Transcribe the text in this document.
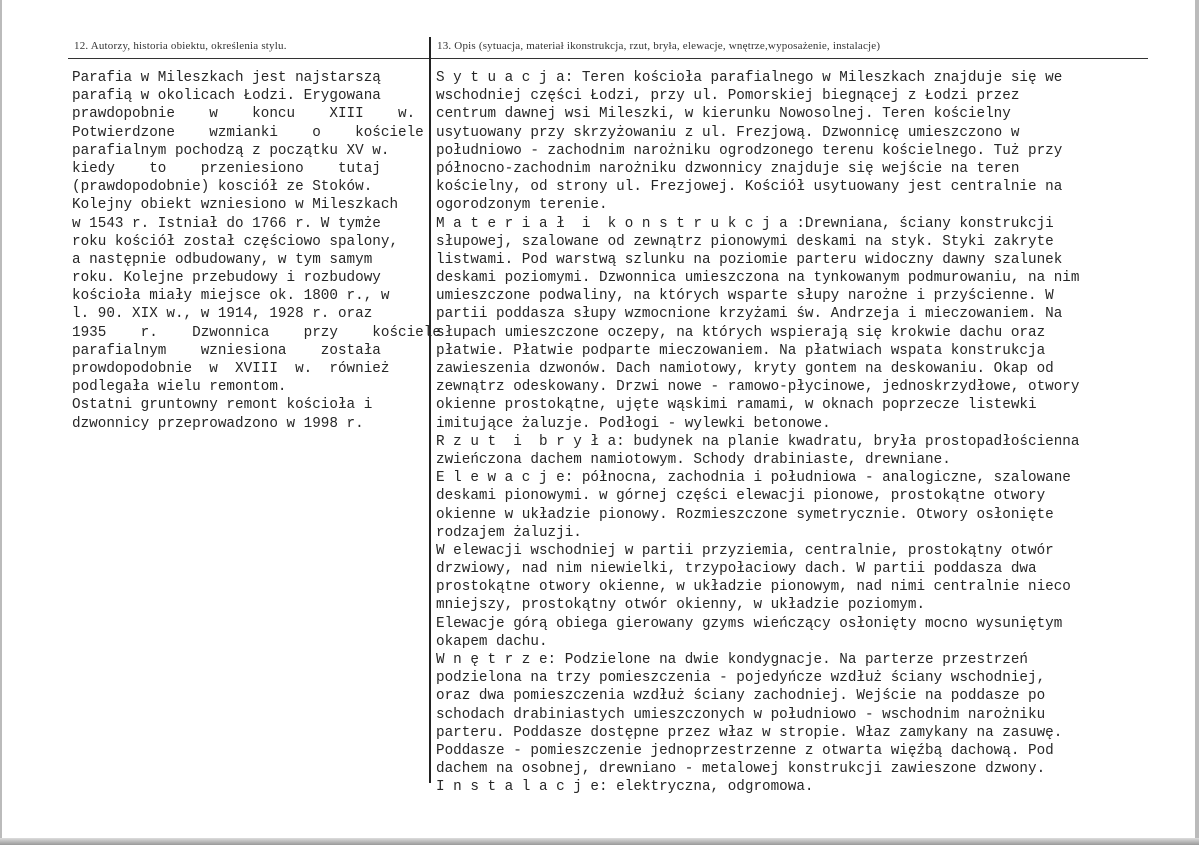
12. Autorzy, historia obiektu, określenia stylu.	13. Opis (sytuacja, materiał ikonstrukcja, rzut, bryła, elewacje, wnętrze,wyposażenie, instalacje)
Parafia w Mileszkach jest najstarszą
parafią w okolicach Łodzi. Erygowana
prawdopobnie    w    koncu    XIII    w.
Potwierdzone    wzmianki    o    kościele
parafialnym pochodzą z początku XV w.
kiedy    to    przeniesiono    tutaj
(prawdopodobnie) kosciół ze Stoków.
Kolejny obiekt wzniesiono w Mileszkach
w 1543 r. Istniał do 1766 r. W tymże
roku kościół został częściowo spalony,
a następnie odbudowany, w tym samym
roku. Kolejne przebudowy i rozbudowy
kościoła miały miejsce ok. 1800 r., w
l. 90. XIX w., w 1914, 1928 r. oraz
1935    r.    Dzwonnica    przy    kościele
parafialnym    wzniesiona    została
prowdopodobnie  w  XVIII  w.  również
podlegała wielu remontom.
Ostatni gruntowny remont kościoła i
dzwonnicy przeprowadzono w 1998 r.
S y t u a c j a: Teren kościoła parafialnego w Mileszkach znajduje się we
wschodniej części Łodzi, przy ul. Pomorskiej biegnącej z Łodzi przez
centrum dawnej wsi Mileszki, w kierunku Nowosolnej. Teren kościelny
usytuowany przy skrzyżowaniu z ul. Frezjową. Dzwonnicę umieszczono w
południowo - zachodnim narożniku ogrodzonego terenu kościelnego. Tuż przy
północno-zachodnim narożniku dzwonnicy znajduje się wejście na teren
kościelny, od strony ul. Frezjowej. Kościół usytuowany jest centralnie na
ogorodzonym terenie.
M a t e r i a ł  i  k o n s t r u k c j a :Drewniana, ściany konstrukcji
słupowej, szalowane od zewnątrz pionowymi deskami na styk. Styki zakryte
listwami. Pod warstwą szlunku na poziomie parteru widoczny dawny szalunek
deskami poziomymi. Dzwonnica umieszczona na tynkowanym podmurowaniu, na nim
umieszczone podwaliny, na których wsparte słupy narożne i przyścienne. W
partii poddasza słupy wzmocnione krzyżami św. Andrzeja i mieczowaniem. Na
słupach umieszczone oczepy, na których wspierają się krokwie dachu oraz
płatwie. Płatwie podparte mieczowaniem. Na płatwiach wspata konstrukcja
zawieszenia dzwonów. Dach namiotowy, kryty gontem na deskowaniu. Okap od
zewnątrz odeskowany. Drzwi nowe - ramowo-płycinowe, jednoskrzydłowe, otwory
okienne prostokątne, ujęte wąskimi ramami, w oknach poprzecze listewki
imitujące żaluzje. Podłogi - wylewki betonowe.
R z u t  i  b r y ł a: budynek na planie kwadratu, bryła prostopadłościenna
zwieńczona dachem namiotowym. Schody drabiniaste, drewniane.
E l e w a c j e: północna, zachodnia i południowa - analogiczne, szalowane
deskami pionowymi. w górnej części elewacji pionowe, prostokątne otwory
okienne w układzie pionowy. Rozmieszczone symetrycznie. Otwory osłonięte
rodzajem żaluzji.
W elewacji wschodniej w partii przyziemia, centralnie, prostokątny otwór
drzwiowy, nad nim niewielki, trzypołaciowy dach. W partii poddasza dwa
prostokątne otwory okienne, w układzie pionowym, nad nimi centralnie nieco
mniejszy, prostokątny otwór okienny, w układzie poziomym.
Elewacje górą obiega gierowany gzyms wieńczący osłonięty mocno wysuniętym
okapem dachu.
W n ę t r z e: Podzielone na dwie kondygnacje. Na parterze przestrzeń
podzielona na trzy pomieszczenia - pojedyńcze wzdłuż ściany wschodniej,
oraz dwa pomieszczenia wzdłuż ściany zachodniej. Wejście na poddasze po
schodach drabiniastych umieszczonych w południowo - wschodnim narożniku
parteru. Poddasze dostępne przez właz w stropie. Właz zamykany na zasuwę.
Poddasze - pomieszczenie jednoprzestrzenne z otwarta więźbą dachową. Pod
dachem na osobnej, drewniano - metalowej konstrukcji zawieszone dzwony.
I n s t a l a c j e: elektryczna, odgromowa.
